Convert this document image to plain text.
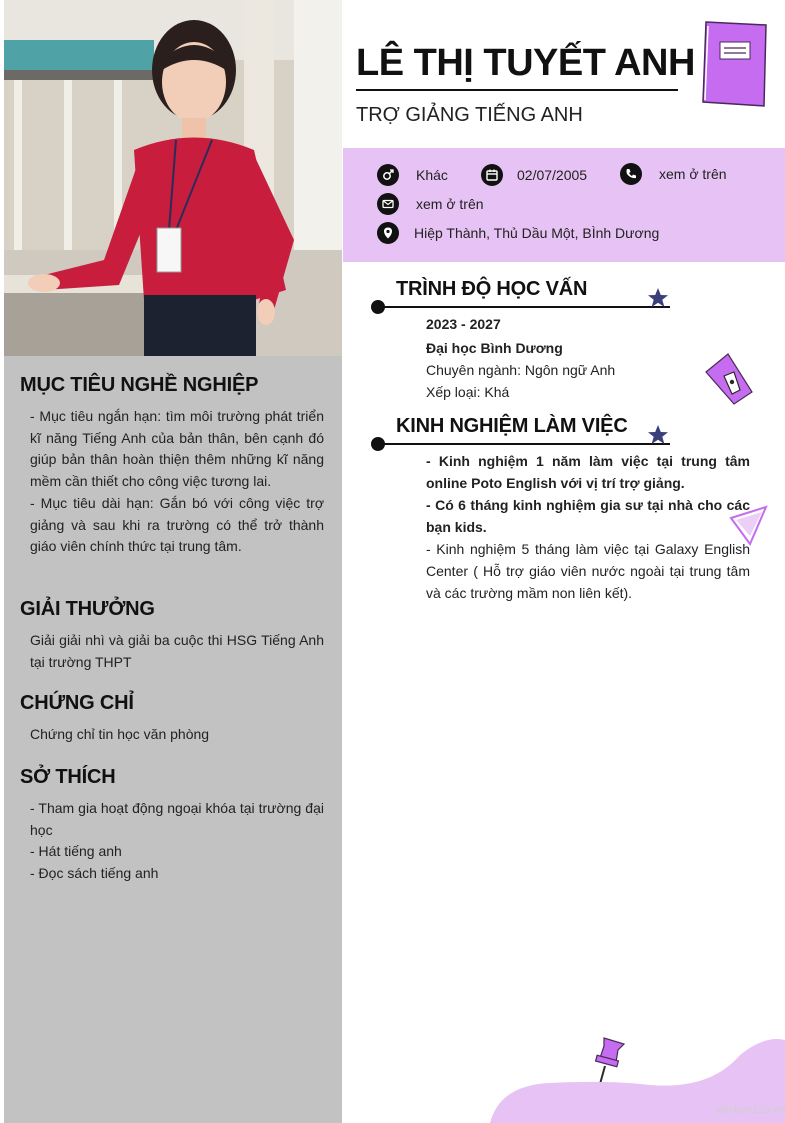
MỤC TIÊU NGHỀ NGHIỆP

- Mục tiêu ngắn hạn: tìm môi trường phát triển kĩ năng Tiếng Anh của bản thân, bên cạnh đó giúp bản thân hoàn thiện thêm những kĩ năng mềm cần thiết cho công việc tương lai.

- Mục tiêu dài hạn: Gắn bó với công việc trợ giảng và sau khi ra trường có thể trở thành giáo viên chính thức tại trung tâm.

GIẢI THƯỞNG

Giải giải nhì và giải ba cuộc thi HSG Tiếng Anh tại trường THPT

CHỨNG CHỈ

Chứng chỉ tin học văn phòng

SỞ THÍCH

- Tham gia hoạt động ngoại khóa tại trường đại học

- Hát tiếng anh

- Đọc sách tiếng anh

LÊ THỊ TUYẾT ANH
TRỢ GIẢNG TIẾNG ANH
Khác	02/07/2005	xem ở trên
xem ở trên
Hiệp Thành, Thủ Dầu Một, BÌnh Dương
TRÌNH ĐỘ HỌC VẤN
2023 - 2027
Đại học Bình Dương
Chuyên ngành: Ngôn ngữ Anh
Xếp loại: Khá
KINH NGHIỆM LÀM VIỆC
- Kinh nghiệm 1 năm làm việc tại trung tâm online Poto English với vị trí trợ giảng.
- Có 6 tháng kinh nghiệm gia sư tại nhà cho các bạn kids.
- Kinh nghiệm 5 tháng làm việc tại Galaxy English Center ( Hỗ trợ giáo viên nước ngoài tại trung tâm và các trường mầm non liên kết).
vieclam123.vn
